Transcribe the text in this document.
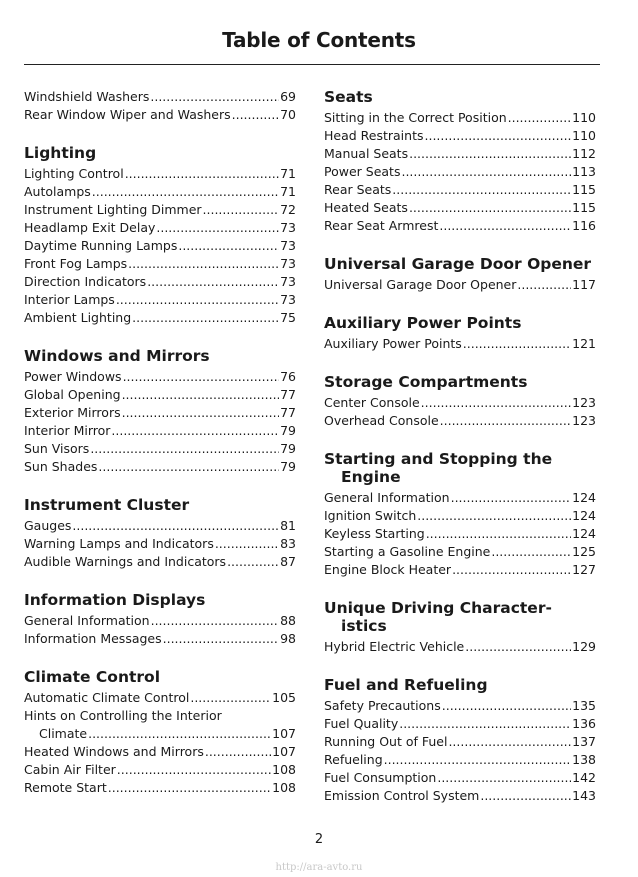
Table of Contents
Windshield Washers .....	69
Rear Window Wiper and Washers .....	70
Lighting
Lighting Control .....	71
Autolamps .....	71
Instrument Lighting Dimmer .....	72
Headlamp Exit Delay .....	73
Daytime Running Lamps .....	73
Front Fog Lamps .....	73
Direction Indicators .....	73
Interior Lamps .....	73
Ambient Lighting .....	75
Windows and Mirrors
Power Windows .....	76
Global Opening .....	77
Exterior Mirrors .....	77
Interior Mirror .....	79
Sun Visors .....	79
Sun Shades .....	79
Instrument Cluster
Gauges .....	81
Warning Lamps and Indicators .....	83
Audible Warnings and Indicators .....	87
Information Displays
General Information .....	88
Information Messages .....	98
Climate Control
Automatic Climate Control .....	105
Hints on Controlling the Interior
Climate .....	107
Heated Windows and Mirrors .....	107
Cabin Air Filter .....	108
Remote Start .....	108
Seats
Sitting in the Correct Position .....	110
Head Restraints .....	110
Manual Seats .....	112
Power Seats .....	113
Rear Seats .....	115
Heated Seats .....	115
Rear Seat Armrest .....	116
Universal Garage Door Opener
Universal Garage Door Opener .....	117
Auxiliary Power Points
Auxiliary Power Points .....	121
Storage Compartments
Center Console .....	123
Overhead Console .....	123
Starting and Stopping the Engine
General Information .....	124
Ignition Switch .....	124
Keyless Starting .....	124
Starting a Gasoline Engine .....	125
Engine Block Heater .....	127
Unique Driving Character-istics
Hybrid Electric Vehicle .....	129
Fuel and Refueling
Safety Precautions .....	135
Fuel Quality .....	136
Running Out of Fuel .....	137
Refueling .....	138
Fuel Consumption .....	142
Emission Control System .....	143
2
http://ara-avto.ru
